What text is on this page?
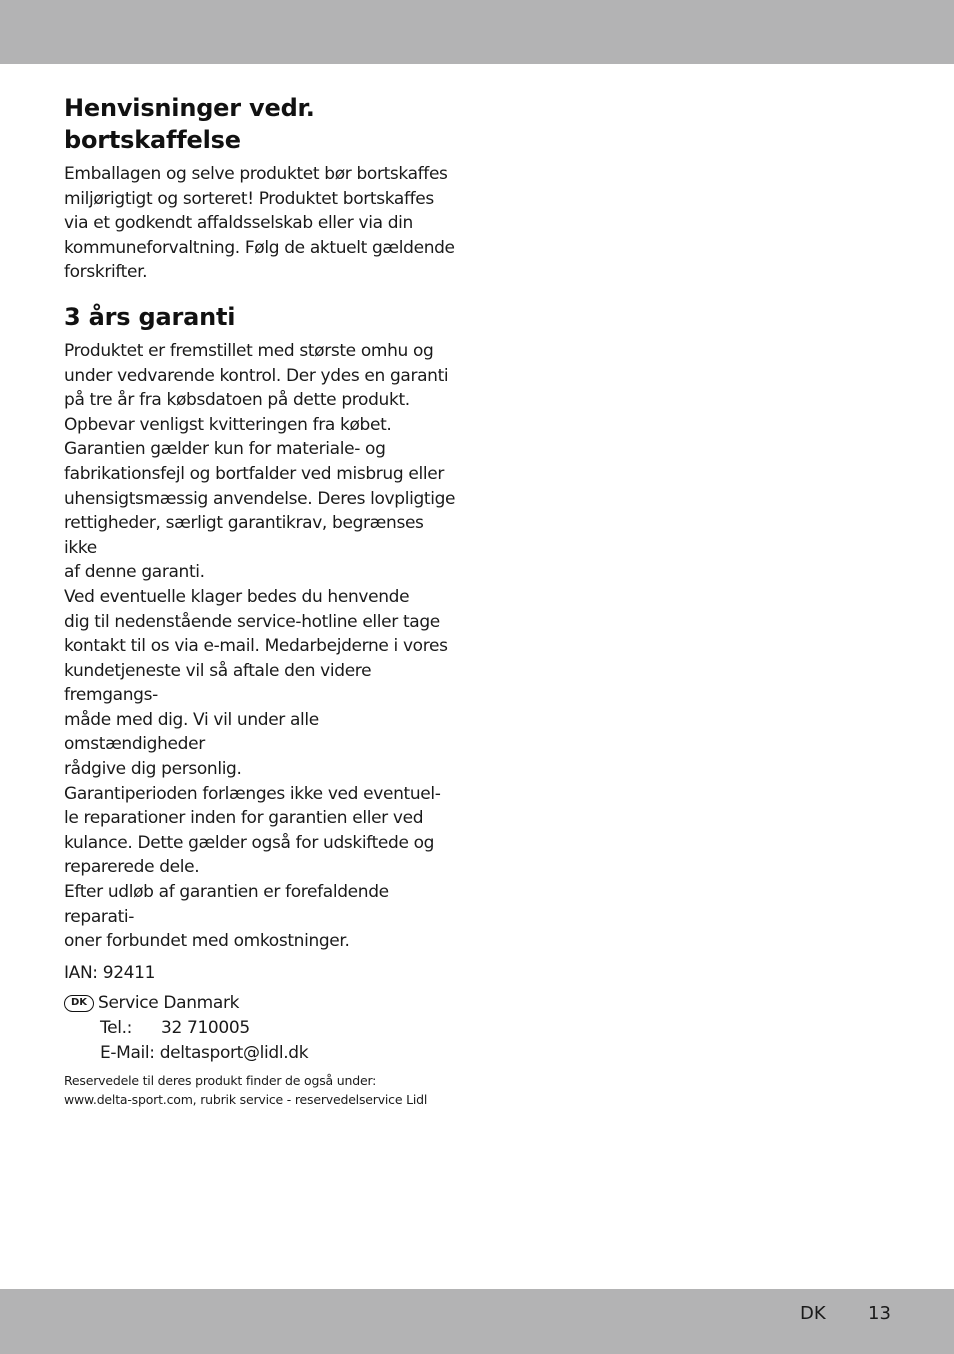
Henvisninger vedr.
bortskaffelse

Emballagen og selve produktet bør bortskaffes
miljørigtigt og sorteret! Produktet bortskaffes
via et godkendt affaldsselskab eller via din
kommuneforvaltning. Følg de aktuelt gældende
forskrifter.

3 års garanti

Produktet er fremstillet med største omhu og
under vedvarende kontrol. Der ydes en garanti
på tre år fra købsdatoen på dette produkt.
Opbevar venligst kvitteringen fra købet.

Garantien gælder kun for materiale- og
fabrikationsfejl og bortfalder ved misbrug eller
uhensigtsmæssig anvendelse. Deres lovpligtige
rettigheder, særligt garantikrav, begrænses ikke
af denne garanti.

Ved eventuelle klager bedes du henvende
dig til nedenstående service-hotline eller tage
kontakt til os via e-mail. Medarbejderne i vores
kundetjeneste vil så aftale den videre fremgangs-
måde med dig. Vi vil under alle omstændigheder
rådgive dig personlig.

Garantiperioden forlænges ikke ved eventuel-
le reparationer inden for garantien eller ved
kulance. Dette gælder også for udskiftede og
reparerede dele.

Efter udløb af garantien er forefaldende reparati-
oner forbundet med omkostninger.

IAN: 92411
DK Service Danmark
Tel.: 32 710005
E-Mail: deltasport@lidl.dk
Reservedele til deres produkt finder de også under:
www.delta-sport.com, rubrik service - reservedelservice Lidl
DK 13
